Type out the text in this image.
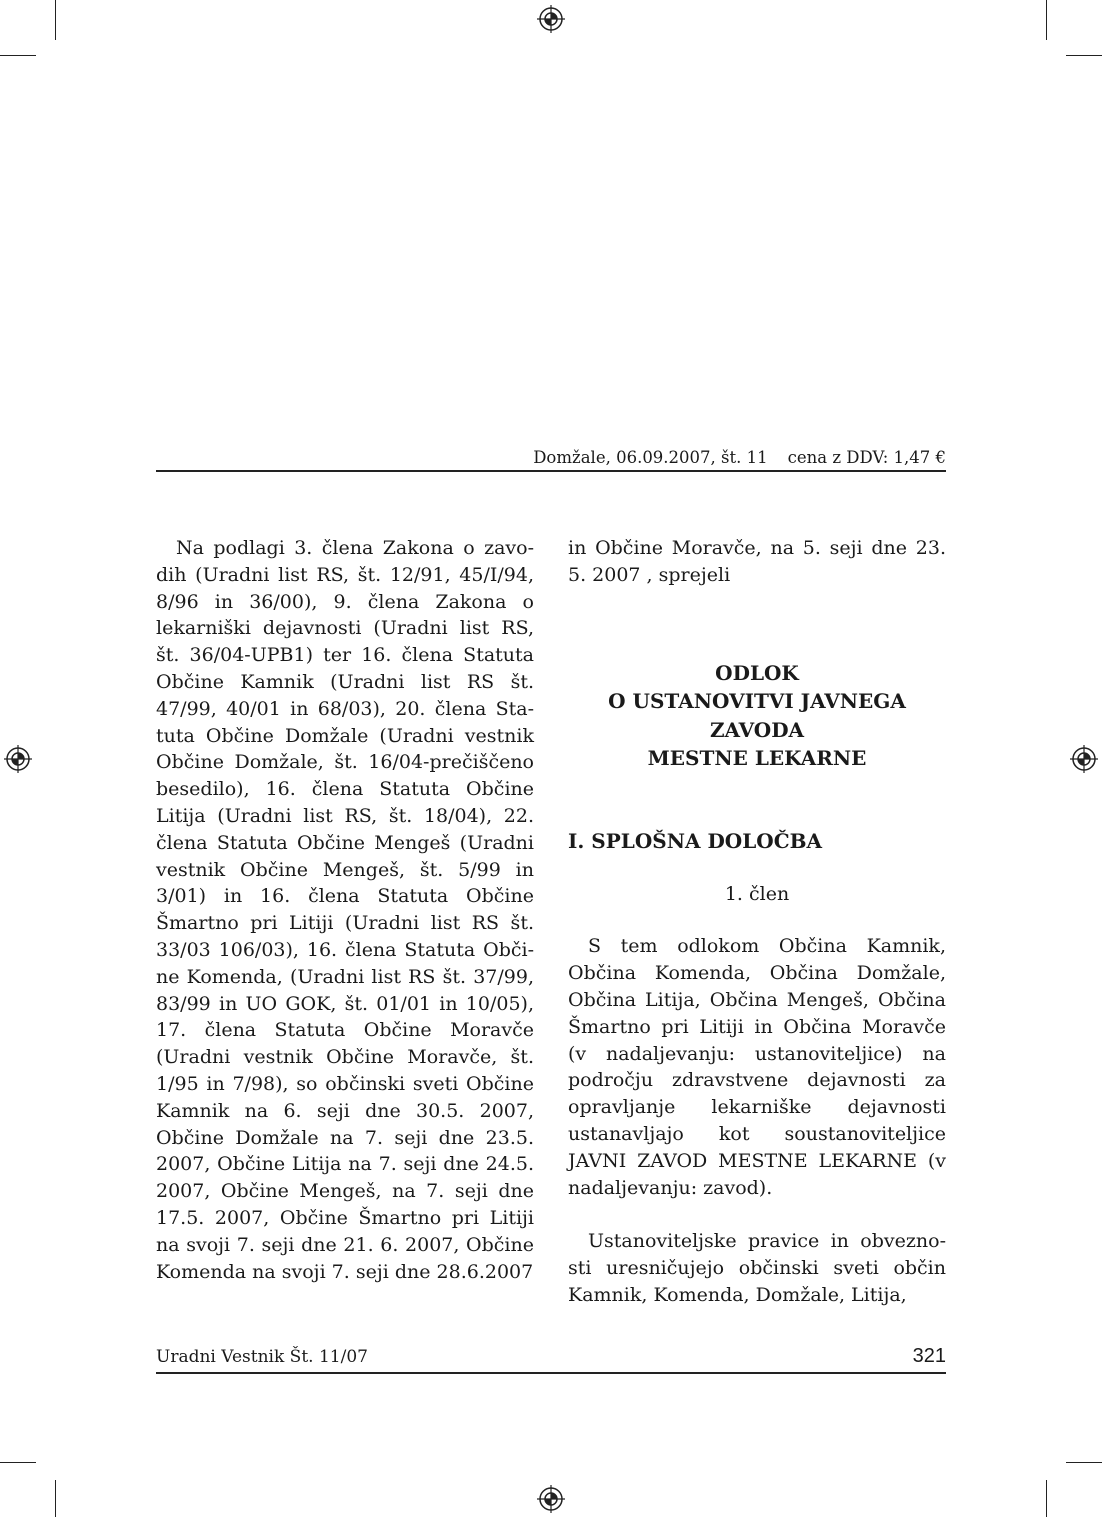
Domžale, 06.09.2007, št. 11 cena z DDV: 1,47 €

Na podlagi 3. člena Zakona o zavodih (Uradni list RS, št. 12/91, 45/I/94, 8/96 in 36/00), 9. člena Zakona o lekarniški dejavnosti (Uradni list RS, št. 36/04-UPB1) ter 16. člena Statuta Občine Kamnik (Uradni list RS št. 47/99, 40/01 in 68/03), 20. člena Statuta Občine Domžale (Uradni vestnik Občine Domžale, št. 16/04-prečiščeno besedilo), 16. člena Statuta Občine Litija (Uradni list RS, št. 18/04), 22. člena Statuta Občine Mengeš (Uradni vestnik Občine Mengeš, št. 5/99 in 3/01) in 16. člena Statuta Občine Šmartno pri Litiji (Uradni list RS št. 33/03 106/03), 16. člena Statuta Občine Komenda, (Uradni list RS št. 37/99, 83/99 in UO GOK, št. 01/01 in 10/05), 17. člena Statuta Občine Moravče (Uradni vestnik Občine Moravče, št. 1/95 in 7/98), so občinski sveti Občine Kamnik na 6. seji dne 30.5. 2007, Občine Domžale na 7. seji dne 23.5. 2007, Občine Litija na 7. seji dne 24.5. 2007, Občine Mengeš, na 7. seji dne 17.5. 2007, Občine Šmartno pri Litiji na svoji 7. seji dne 21. 6. 2007, Občine Komenda na svoji 7. seji dne 28.6.2007

in Občine Moravče, na 5. seji dne 23. 5. 2007 , sprejeli

ODLOK
O USTANOVITVI JAVNEGA
ZAVODA
MESTNE LEKARNE

I. SPLOŠNA DOLOČBA

1. člen

S tem odlokom Občina Kamnik, Občina Komenda, Občina Domžale, Občina Litija, Občina Mengeš, Občina Šmartno pri Litiji in Občina Moravče (v nadaljevanju: ustanoviteljice) na področju zdravstvene dejavnosti za opravljanje lekarniške dejavnosti ustanavljajo kot soustanoviteljice JAVNI ZAVOD MESTNE LEKARNE (v nadaljevanju: zavod).

Ustanoviteljske pravice in obveznosti uresničujejo občinski sveti občin Kamnik, Komenda, Domžale, Litija,

Uradni Vestnik Št. 11/07	321
